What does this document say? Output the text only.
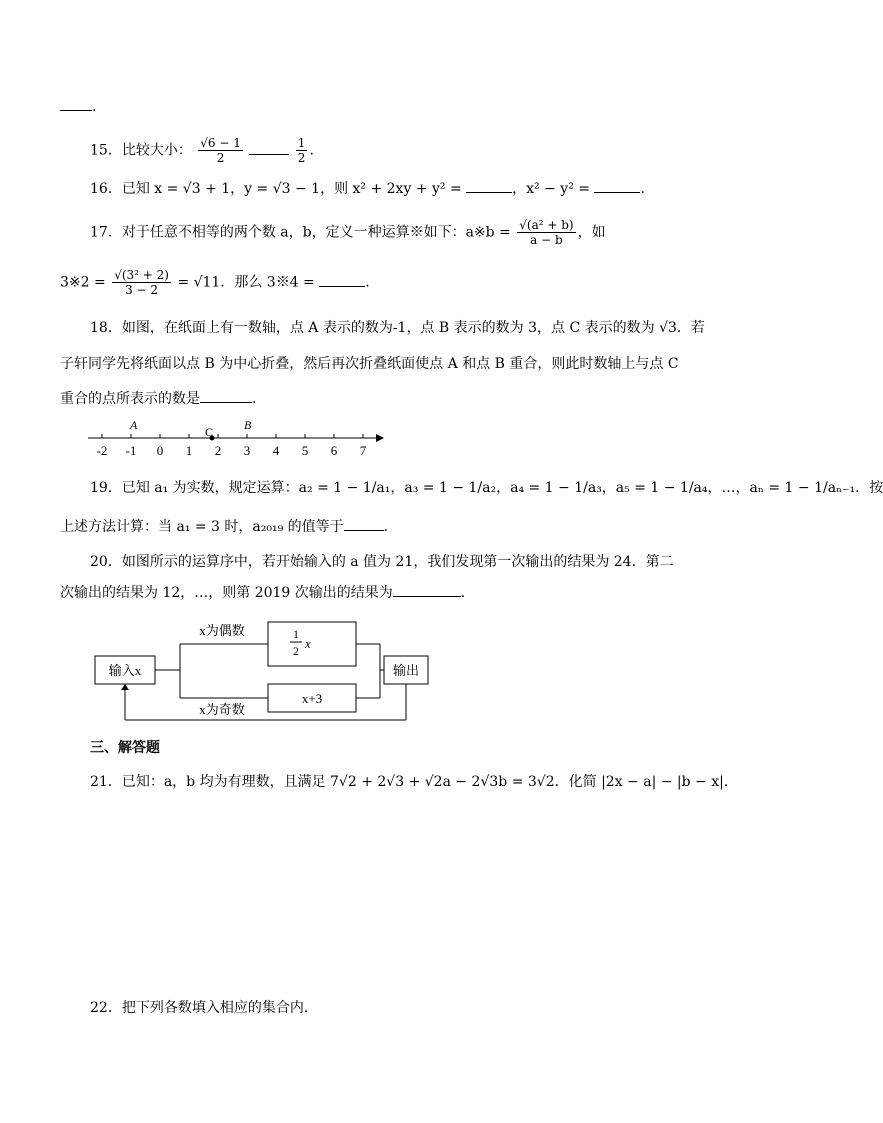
.
15．比较大小： $\frac{√6 - 1}{2}$
	$\frac{1}{2}$ .
16．已知 x = √3 + 1，y = √3 − 1，则 x² + 2xy + y² =	，x² − y² =	.
17．对于任意不相等的两个数 a，b，定义一种运算※如下：a※b = $\frac{\text{√(a² + b)}}{a - b}$ ，如
3※2 = $\frac{\text{√(3² + 2)}}{3 - 2} = √11$．那么 3※4 =	.
18．如图，在纸面上有一数轴，点 A 表示的数为-1，点 B 表示的数为 3，点 C 表示的数为 √3．若
子轩同学先将纸面以点 B 为中心折叠，然后再次折叠纸面使点 A 和点 B 重合，则此时数轴上与点 C
重合的点所表示的数是	.
-2 -1 0 1 2 3 4 5 6 7
A	B
C
19．已知 a₁ 为实数，规定运算：a₂ = 1 − 1/a₁，a₃ = 1 − 1/a₂，a₄ = 1 − 1/a₃，a₅ = 1 − 1/a₄，…，aₙ = 1 − 1/aₙ₋₁．按
上述方法计算：当 a₁ = 3 时，a₂₀₁₉ 的值等于	.
20．如图所示的运算序中，若开始输入的 a 值为 21，我们发现第一次输出的结果为 24．第二
次输出的结果为 12，…，则第 2019 次输出的结果为	.
输入x
x为偶数
x为奇数
1
2 x
x+3
输出
三、解答题
21．已知：a，b 均为有理数，且满足 7√2 + 2√3 + √2a − 2√3b = 3√2．化简 |2x − a| − |b − x|．
22．把下列各数填入相应的集合内.
